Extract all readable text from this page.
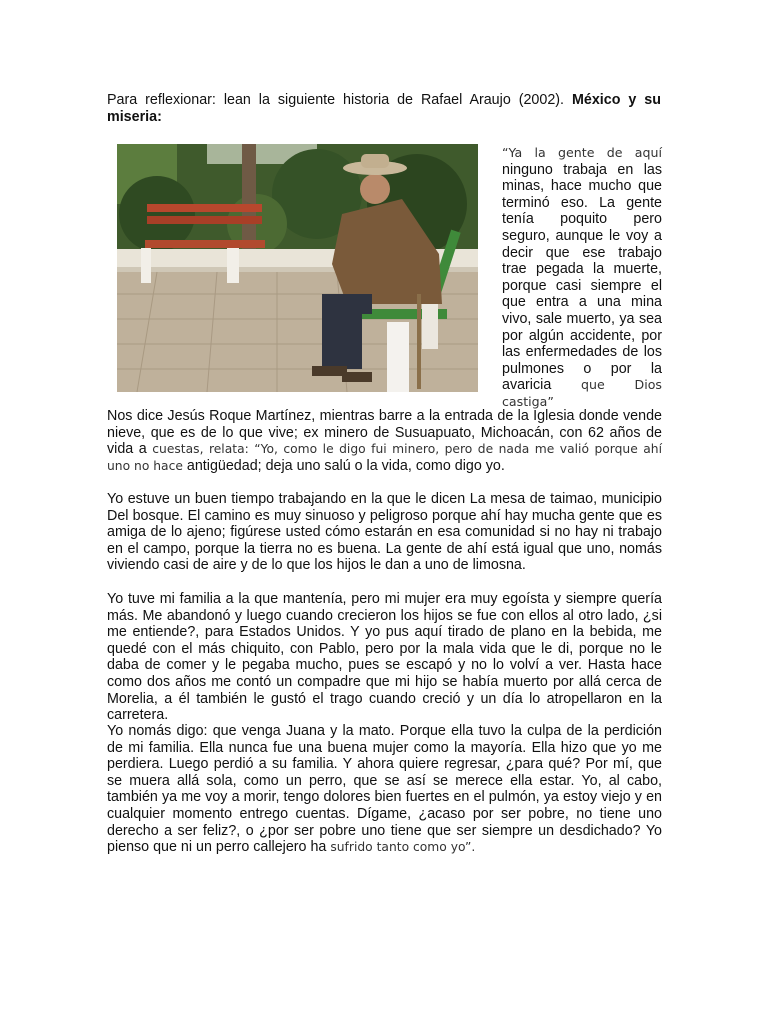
Para reflexionar: lean la siguiente historia de Rafael Araujo (2002). México y su miseria:

“Ya la gente de aquí ninguno trabaja en las minas, hace mucho que terminó eso. La gente tenía poquito pero seguro, aunque le voy a decir que ese trabajo trae pegada la muerte, porque casi siempre el que entra a una mina vivo, sale muerto, ya sea por algún accidente, por las enfermedades de los pulmones o por la avaricia que Dios castiga”

Nos dice Jesús Roque Martínez, mientras barre a la entrada de la Iglesia donde vende nieve, que es de lo que vive; ex minero de Susuapuato, Michoacán, con 62 años de vida a cuestas, relata: “Yo, como le digo fui minero, pero de nada me valió porque ahí uno no hace antigüedad; deja uno salú o la vida, como digo yo.

Yo estuve un buen tiempo trabajando en la que le dicen La mesa de taimao, municipio Del bosque. El camino es muy sinuoso y peligroso porque ahí hay mucha gente que es amiga de lo ajeno; figúrese usted cómo estarán en esa comunidad si no hay ni trabajo en el campo, porque la tierra no es buena. La gente de ahí está igual que uno, nomás viviendo casi de aire y de lo que los hijos le dan a uno de limosna.

Yo tuve mi familia a la que mantenía, pero mi mujer era muy egoísta y siempre quería más. Me abandonó y luego cuando crecieron los hijos se fue con ellos al otro lado, ¿si me entiende?, para Estados Unidos. Y yo pus aquí tirado de plano en la bebida, me quedé con el más chiquito, con Pablo, pero por la mala vida que le di, porque no le daba de comer y le pegaba mucho, pues se escapó y no lo volví a ver. Hasta hace como dos años me contó un compadre que mi hijo se había muerto por allá cerca de Morelia, a él también le gustó el trago cuando creció y un día lo atropellaron en la carretera.

Yo nomás digo: que venga Juana y la mato. Porque ella tuvo la culpa de la perdición de mi familia. Ella nunca fue una buena mujer como la mayoría. Ella hizo que yo me perdiera. Luego perdió a su familia. Y ahora quiere regresar, ¿para qué? Por mí, que se muera allá sola, como un perro, que se así se merece ella estar. Yo, al cabo, también ya me voy a morir, tengo dolores bien fuertes en el pulmón, ya estoy viejo y en cualquier momento entrego cuentas. Dígame, ¿acaso por ser pobre, no tiene uno derecho a ser feliz?, o ¿por ser pobre uno tiene que ser siempre un desdichado? Yo pienso que ni un perro callejero ha sufrido tanto como yo”.
